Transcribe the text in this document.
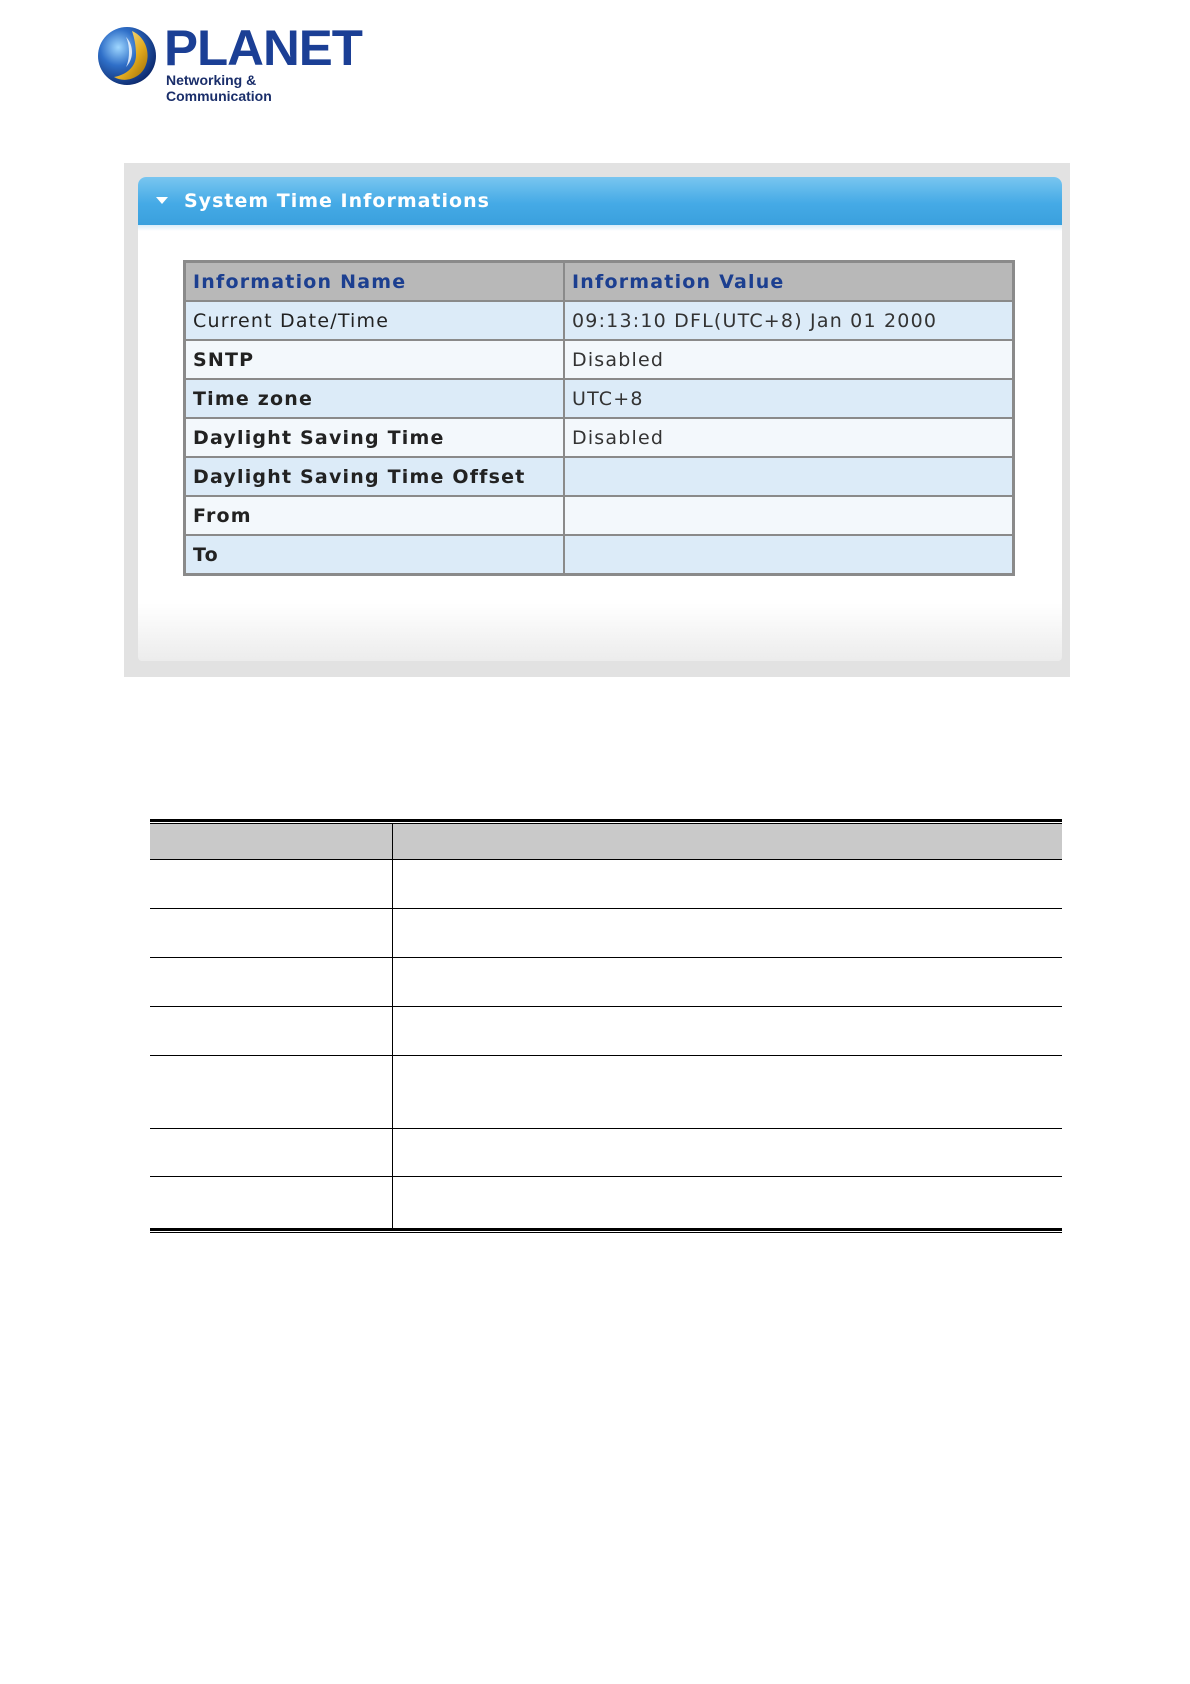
PLANET
Networking & Communication
System Time Informations
Information Name	Information Value
Current Date/Time	09:13:10 DFL(UTC+8) Jan 01 2000
SNTP	Disabled
Time zone	UTC+8
Daylight Saving Time	Disabled
Daylight Saving Time Offset	
From	
To	
